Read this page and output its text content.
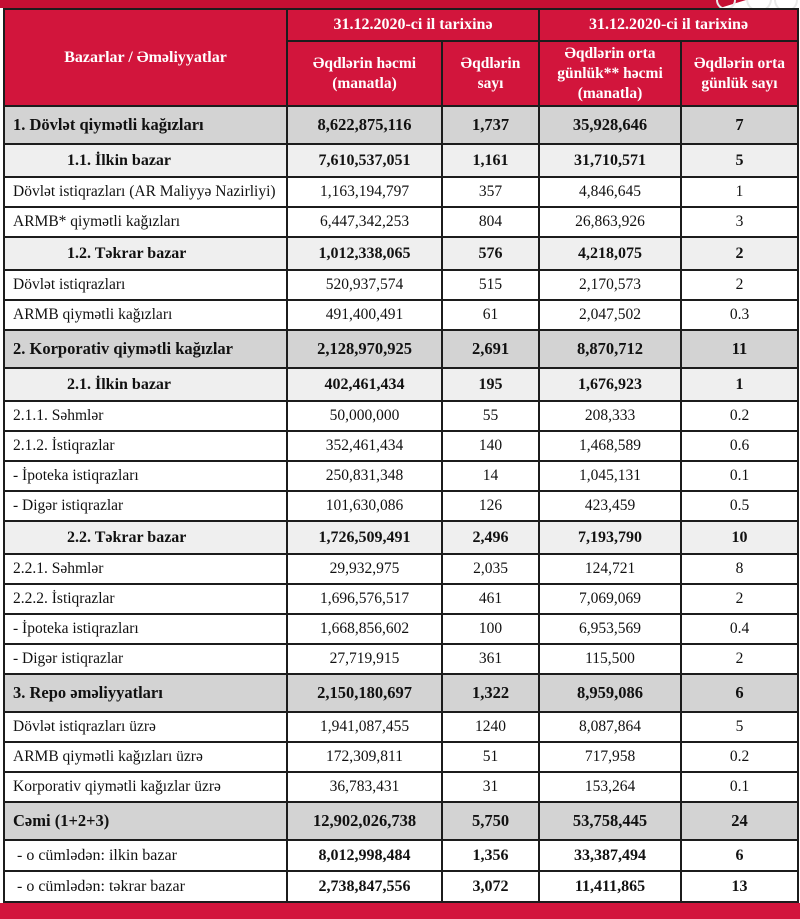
Bazarlar / Əməliyyatlar	31.12.2020-ci il tarixinə		31.12.2020-ci il tarixinə	
	Əqdlərin həcmi (manatla)	Əqdlərin sayı	Əqdlərin orta günlük** həcmi (manatla)	Əqdlərin orta günlük sayı
1. Dövlət qiymətli kağızları	8,622,875,116	1,737	35,928,646	7
1.1. İlkin bazar	7,610,537,051	1,161	31,710,571	5
Dövlət istiqrazları (AR Maliyyə Nazirliyi)	1,163,194,797	357	4,846,645	1
ARMB* qiymətli kağızları	6,447,342,253	804	26,863,926	3
1.2. Təkrar bazar	1,012,338,065	576	4,218,075	2
Dövlət istiqrazları	520,937,574	515	2,170,573	2
ARMB qiymətli kağızları	491,400,491	61	2,047,502	0.3
2. Korporativ qiymətli kağızlar	2,128,970,925	2,691	8,870,712	11
2.1. İlkin bazar	402,461,434	195	1,676,923	1
2.1.1. Səhmlər	50,000,000	55	208,333	0.2
2.1.2. İstiqrazlar	352,461,434	140	1,468,589	0.6
- İpoteka istiqrazları	250,831,348	14	1,045,131	0.1
- Digər istiqrazlar	101,630,086	126	423,459	0.5
2.2. Təkrar bazar	1,726,509,491	2,496	7,193,790	10
2.2.1. Səhmlər	29,932,975	2,035	124,721	8
2.2.2. İstiqrazlar	1,696,576,517	461	7,069,069	2
- İpoteka istiqrazları	1,668,856,602	100	6,953,569	0.4
- Digər istiqrazlar	27,719,915	361	115,500	2
3. Repo əməliyyatları	2,150,180,697	1,322	8,959,086	6
Dövlət istiqrazları üzrə	1,941,087,455	1240	8,087,864	5
ARMB qiymətli kağızları üzrə	172,309,811	51	717,958	0.2
Korporativ qiymətli kağızlar üzrə	36,783,431	31	153,264	0.1
Cəmi (1+2+3)	12,902,026,738	5,750	53,758,445	24
- o cümlədən: ilkin bazar	8,012,998,484	1,356	33,387,494	6
- o cümlədən: təkrar bazar	2,738,847,556	3,072	11,411,865	13
